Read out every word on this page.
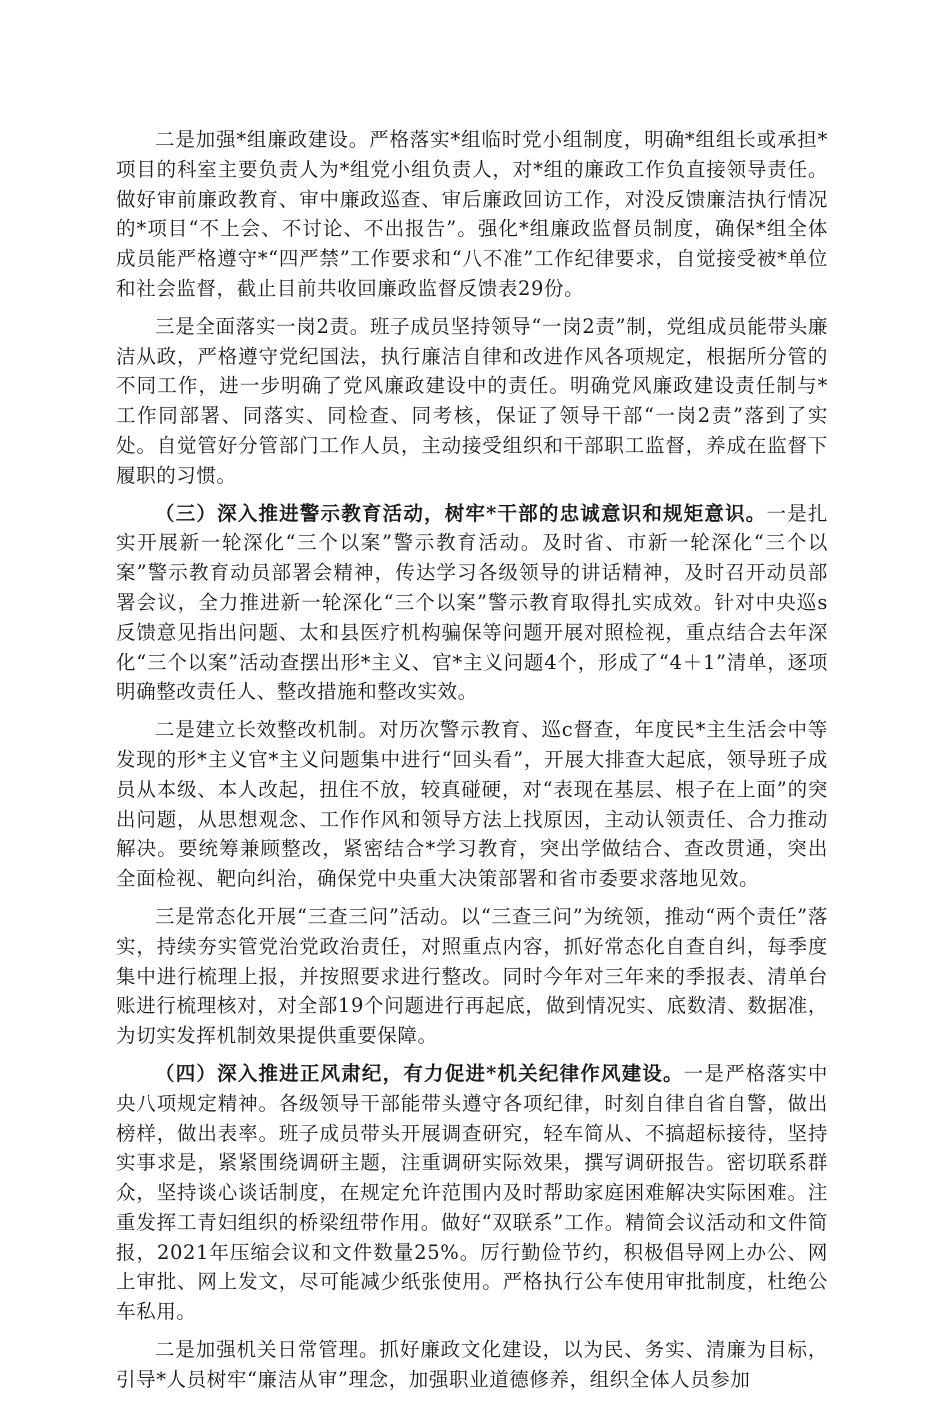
二是加强*组廉政建设。严格落实*组临时党小组制度，明确*组组长或承担*项目的科室主要负责人为*组党小组负责人，对*组的廉政工作负直接领导责任。做好审前廉政教育、审中廉政巡查、审后廉政回访工作，对没反馈廉洁执行情况的*项目“不上会、不讨论、不出报告”。强化*组廉政监督员制度，确保*组全体成员能严格遵守*“四严禁”工作要求和“八不准”工作纪律要求，自觉接受被*单位和社会监督，截止目前共收回廉政监督反馈表29份。

三是全面落实一岗2责。班子成员坚持领导“一岗2责”制，党组成员能带头廉洁从政，严格遵守党纪国法，执行廉洁自律和改进作风各项规定，根据所分管的不同工作，进一步明确了党风廉政建设中的责任。明确党风廉政建设责任制与*工作同部署、同落实、同检查、同考核，保证了领导干部“一岗2责”落到了实处。自觉管好分管部门工作人员，主动接受组织和干部职工监督，养成在监督下履职的习惯。

（三）深入推进警示教育活动，树牢*干部的忠诚意识和规矩意识。一是扎实开展新一轮深化“三个以案”警示教育活动。及时省、市新一轮深化“三个以案”警示教育动员部署会精神，传达学习各级领导的讲话精神，及时召开动员部署会议，全力推进新一轮深化“三个以案”警示教育取得扎实成效。针对中央巡s反馈意见指出问题、太和县医疗机构骗保等问题开展对照检视，重点结合去年深化“三个以案”活动查摆出形*主义、官*主义问题4个，形成了“4＋1”清单，逐项明确整改责任人、整改措施和整改实效。

二是建立长效整改机制。对历次警示教育、巡c督查，年度民*主生活会中等发现的形*主义官*主义问题集中进行“回头看”，开展大排查大起底，领导班子成员从本级、本人改起，扭住不放，较真碰硬，对“表现在基层、根子在上面”的突出问题，从思想观念、工作作风和领导方法上找原因，主动认领责任、合力推动解决。要统筹兼顾整改，紧密结合*学习教育，突出学做结合、查改贯通，突出全面检视、靶向纠治，确保党中央重大决策部署和省市委要求落地见效。

三是常态化开展“三查三问”活动。以“三查三问”为统领，推动“两个责任”落实，持续夯实管党治党政治责任，对照重点内容，抓好常态化自查自纠，每季度集中进行梳理上报，并按照要求进行整改。同时今年对三年来的季报表、清单台账进行梳理核对，对全部19个问题进行再起底，做到情况实、底数清、数据准，为切实发挥机制效果提供重要保障。

（四）深入推进正风肃纪，有力促进*机关纪律作风建设。一是严格落实中央八项规定精神。各级领导干部能带头遵守各项纪律，时刻自律自省自警，做出榜样，做出表率。班子成员带头开展调查研究，轻车简从、不搞超标接待，坚持实事求是，紧紧围绕调研主题，注重调研实际效果，撰写调研报告。密切联系群众，坚持谈心谈话制度，在规定允许范围内及时帮助家庭困难解决实际困难。注重发挥工青妇组织的桥梁纽带作用。做好“双联系”工作。精简会议活动和文件简报，2021年压缩会议和文件数量25%。厉行勤俭节约，积极倡导网上办公、网上审批、网上发文，尽可能减少纸张使用。严格执行公车使用审批制度，杜绝公车私用。

二是加强机关日常管理。抓好廉政文化建设，以为民、务实、清廉为目标，引导*人员树牢“廉洁从审”理念，加强职业道德修养，组织全体人员参加
